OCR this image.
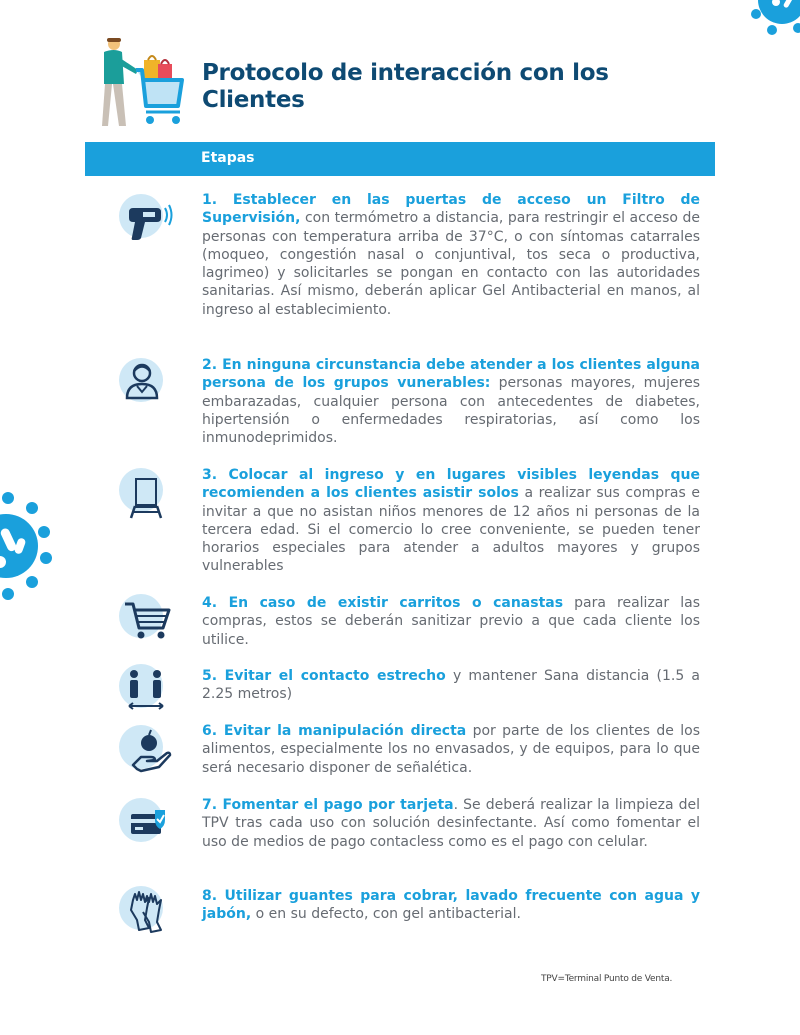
Protocolo de interacción con los
Clientes
Etapas

1. Establecer en las puertas de acceso un Filtro de Supervisión, con termómetro a distancia, para restringir el acceso de personas con temperatura arriba de 37°C, o con síntomas catarrales (moqueo, congestión nasal o conjuntival, tos seca o productiva, lagrimeo) y solicitarles se pongan en contacto con las autoridades sanitarias. Así mismo, deberán aplicar Gel Antibacterial en manos, al ingreso al establecimiento.

2. En ninguna circunstancia debe atender a los clientes alguna persona de los grupos vunerables: personas mayores, mujeres embarazadas, cualquier persona con antecedentes de diabetes, hipertensión o enfermedades respiratorias, así como los inmunodeprimidos.

3. Colocar al ingreso y en lugares visibles leyendas que recomienden a los clientes asistir solos a realizar sus compras e invitar a que no asistan niños menores de 12 años ni personas de la tercera edad. Si el comercio lo cree conveniente, se pueden tener horarios especiales para atender a adultos mayores y grupos vulnerables

4. En caso de existir carritos o canastas para realizar las compras, estos se deberán sanitizar previo a que cada cliente los utilice.

5. Evitar el contacto estrecho y mantener Sana distancia (1.5 a 2.25 metros)

6. Evitar la manipulación directa por parte de los clientes de los alimentos, especialmente los no envasados, y de equipos, para lo que será necesario disponer de señalética.

7. Fomentar el pago por tarjeta. Se deberá realizar la limpieza del TPV tras cada uso con solución desinfectante. Así como fomentar el uso de medios de pago contacless como es el pago con celular.

8. Utilizar guantes para cobrar, lavado frecuente con agua y jabón, o en su defecto, con gel antibacterial.

TPV=Terminal Punto de Venta.
